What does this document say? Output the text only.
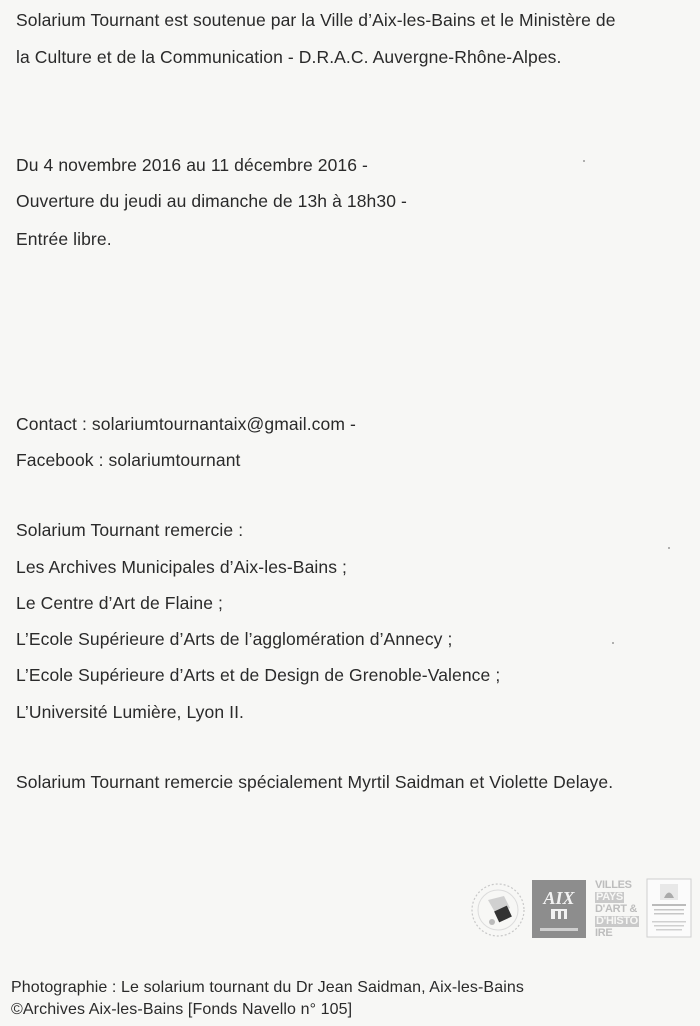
Solarium Tournant est soutenue par la Ville d’Aix-les-Bains et le Ministère de
la Culture et de la Communication - D.R.A.C. Auvergne-Rhône-Alpes.
Du 4 novembre 2016 au 11 décembre 2016 -
Ouverture du jeudi au dimanche de 13h à 18h30 -
Entrée libre.
Contact : solariumtournantaix@gmail.com -
Facebook : solariumtournant
Solarium Tournant remercie :
Les Archives Municipales d’Aix-les-Bains ;
Le Centre d’Art de Flaine ;
L’Ecole Supérieure d’Arts de l’agglomération d’Annecy ;
L’Ecole Supérieure d’Arts et de Design de Grenoble-Valence ;
L’Université Lumière, Lyon II.
Solarium Tournant remercie spécialement Myrtil Saidman et Violette Delaye.
AIX
VILLES
PAYS
D'ART &
D'HISTO
IRE
Photographie : Le solarium tournant du Dr Jean Saidman, Aix-les-Bains
©Archives Aix-les-Bains [Fonds Navello n° 105]
